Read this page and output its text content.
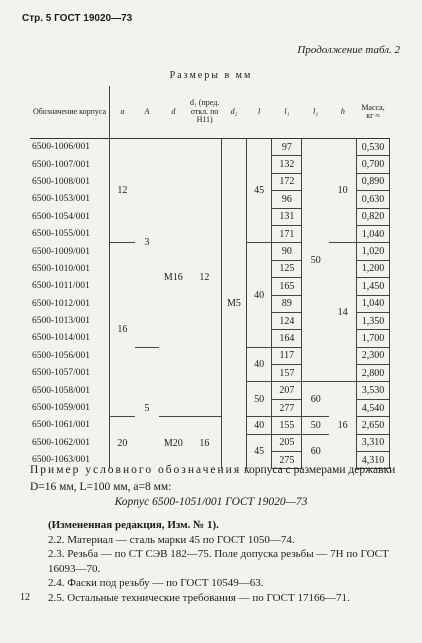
Стр. 5 ГОСТ 19020—73
Продолжение табл. 2
Размеры в мм
Обозначение корпуса	a	A	d	d₁ (пред. откл. по H11)	d₂	l	l₁	l₂	h	Масса, кг ≈
6500-1006/001	12	3	M16	12	M5	45	97	50	10	0,530
6500-1007/001							132			0,700
6500-1008/001							172			0,890
6500-1053/001							96			0,630
6500-1054/001							131			0,820
6500-1055/001							171			1,040
6500-1009/001	16					40	90		14	1,020
6500-1010/001							125			1,200
6500-1011/001							165			1,450
6500-1012/001							89			1,040
6500-1013/001							124			1,350
6500-1014/001							164			1,700
6500-1056/001		5				40	117			2,300
6500-1057/001							157			2,800
6500-1058/001						50	207	60	16	3,530
6500-1059/001							277			4,540
6500-1061/001	20		M20	16		40	155	50		2,650
6500-1062/001						45	205	60		3,310
6500-1063/001							275			4,310
Пример условного обозначения корпуса с размерами державки D=16 мм, L=100 мм, a=8 мм:
Корпус 6500-1051/001 ГОСТ 19020—73
(Измененная редакция, Изм. № 1).
2.2. Материал — сталь марки 45 по ГОСТ 1050—74.
2.3. Резьба — по СТ СЭВ 182—75. Поле допуска резьбы — 7H по ГОСТ 16093—70.
2.4. Фаски под резьбу — по ГОСТ 10549—63.
2.5. Остальные технические требования — по ГОСТ 17166—71.
12
